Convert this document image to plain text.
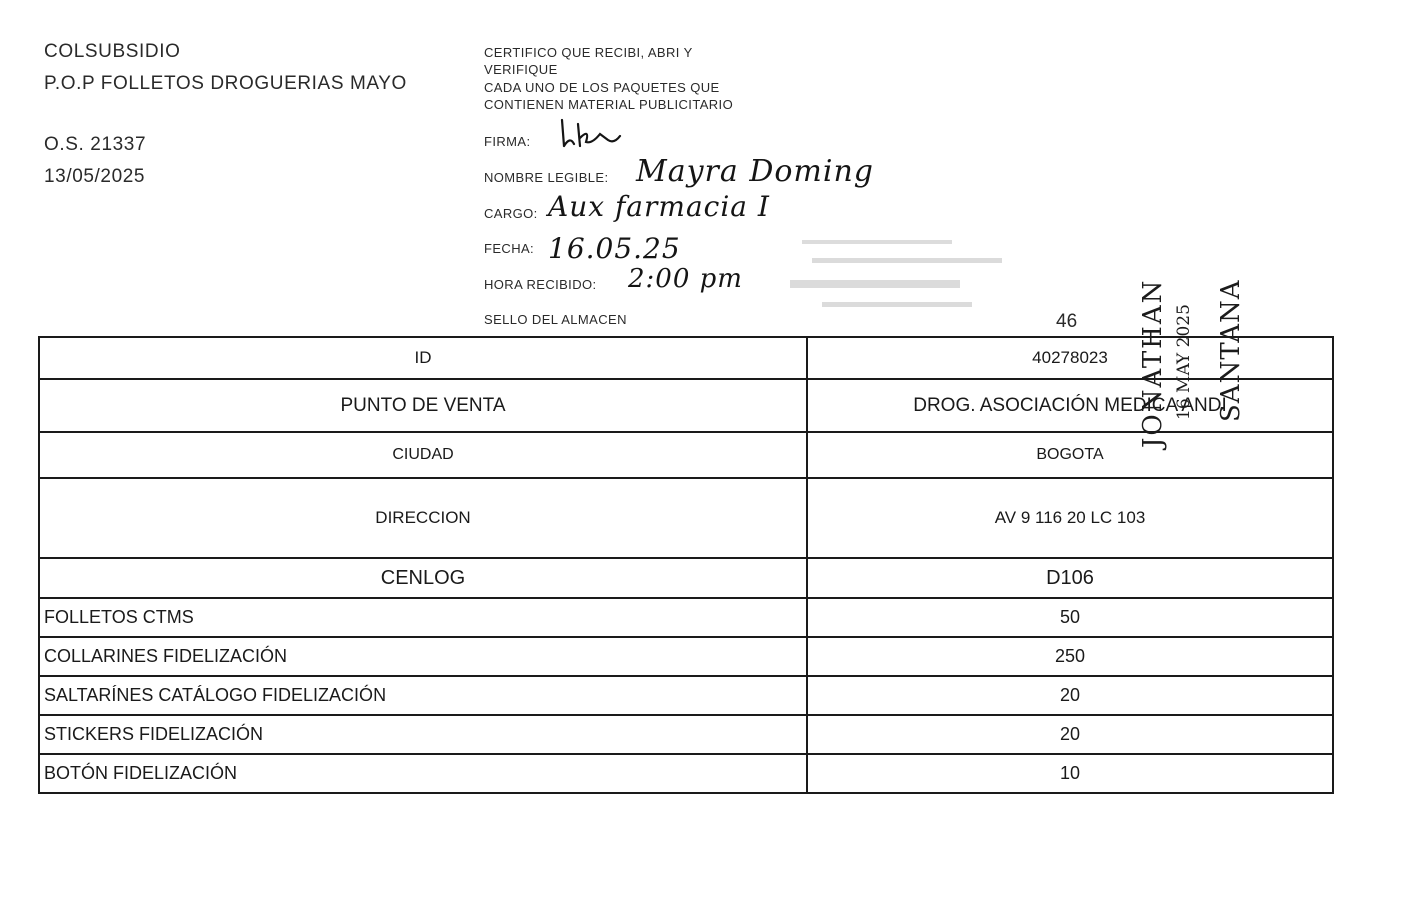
COLSUBSIDIO
P.O.P FOLLETOS DROGUERIAS MAYO
O.S. 21337
13/05/2025
CERTIFICO QUE RECIBI, ABRI Y
VERIFIQUE
CADA UNO DE LOS PAQUETES QUE
CONTIENEN MATERIAL PUBLICITARIO
FIRMA:
NOMBRE LEGIBLE: Mayra Doming
CARGO: Aux farmacia I
FECHA: 16.05.25
HORA RECIBIDO: 2:00 pm
SELLO DEL ALMACEN	46
ID	40278023
PUNTO DE VENTA	DROG. ASOCIACIÓN MEDICA ANDI
CIUDAD	BOGOTA
DIRECCION	AV 9 116 20 LC 103
CENLOG	D106
FOLLETOS CTMS	50
COLLARINES FIDELIZACIÓN	250
SALTARÍNES CATÁLOGO FIDELIZACIÓN	20
STICKERS FIDELIZACIÓN	20
BOTÓN FIDELIZACIÓN	10
JONATHAN 16 MAY 2025 SANTANA
